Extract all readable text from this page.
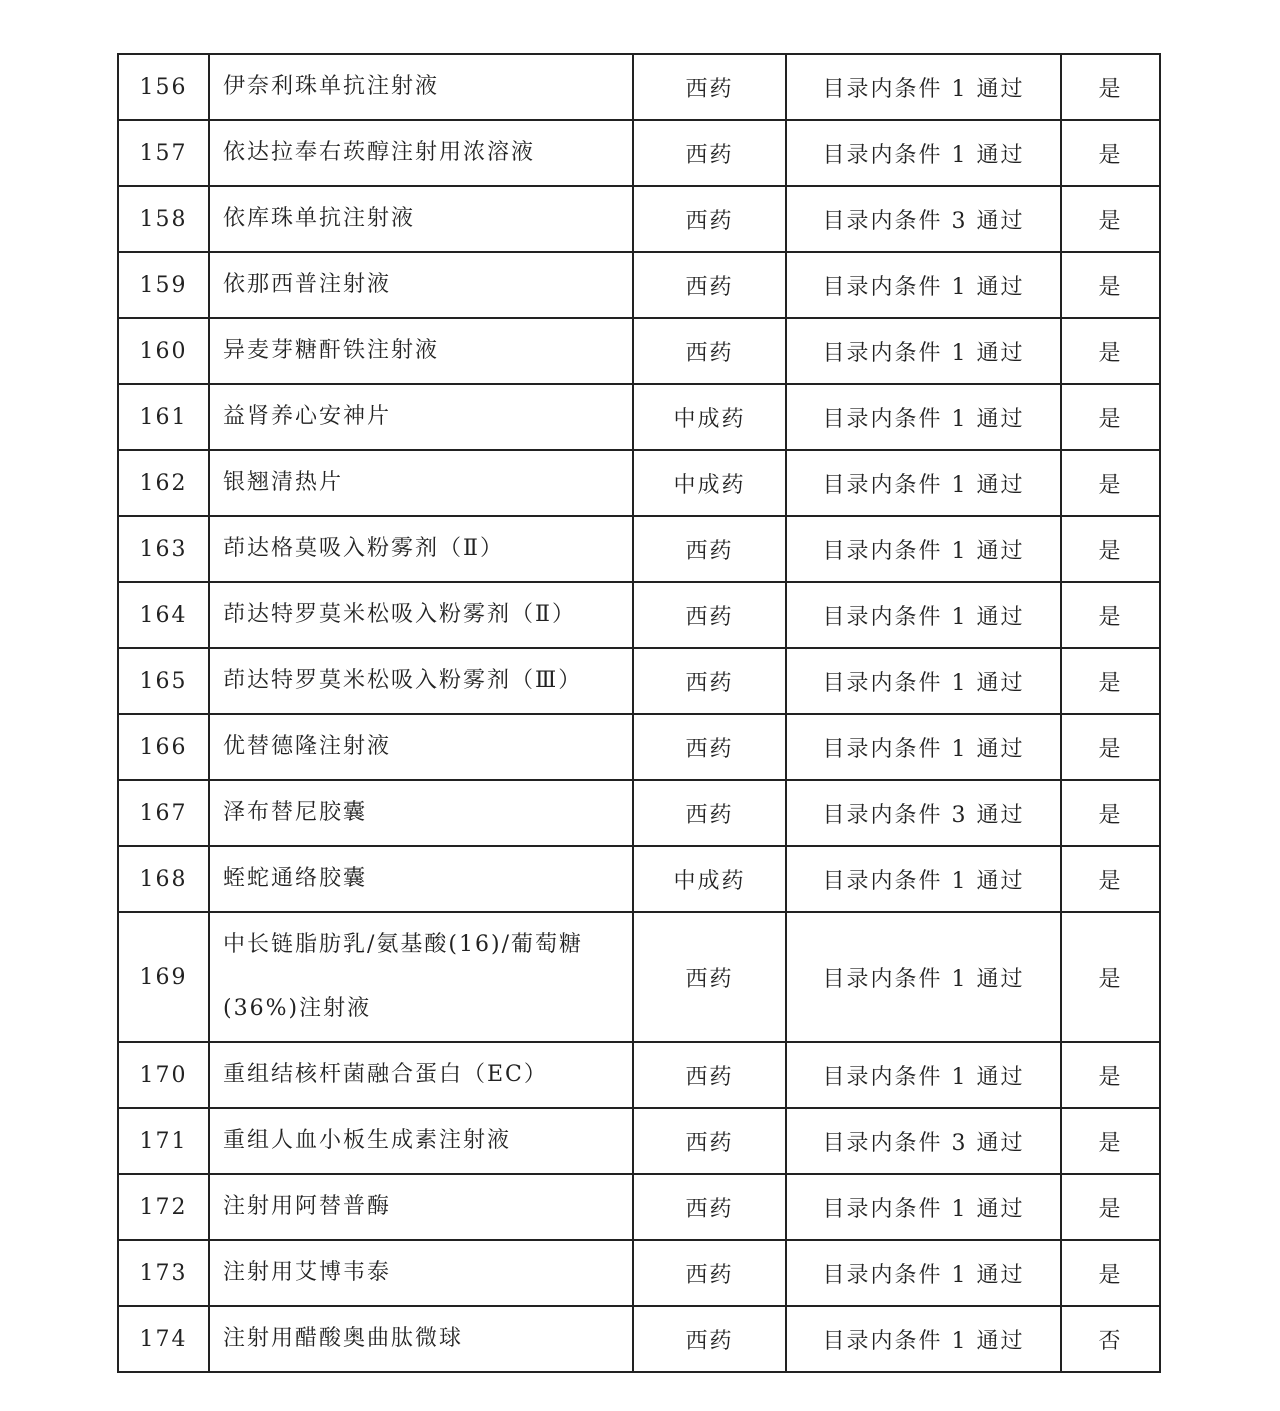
156	伊奈利珠单抗注射液	西药	目录内条件 1 通过	是
157	依达拉奉右莰醇注射用浓溶液	西药	目录内条件 1 通过	是
158	依库珠单抗注射液	西药	目录内条件 3 通过	是
159	依那西普注射液	西药	目录内条件 1 通过	是
160	异麦芽糖酐铁注射液	西药	目录内条件 1 通过	是
161	益肾养心安神片	中成药	目录内条件 1 通过	是
162	银翘清热片	中成药	目录内条件 1 通过	是
163	茚达格莫吸入粉雾剂（Ⅱ）	西药	目录内条件 1 通过	是
164	茚达特罗莫米松吸入粉雾剂（Ⅱ）	西药	目录内条件 1 通过	是
165	茚达特罗莫米松吸入粉雾剂（Ⅲ）	西药	目录内条件 1 通过	是
166	优替德隆注射液	西药	目录内条件 1 通过	是
167	泽布替尼胶囊	西药	目录内条件 3 通过	是
168	蛭蛇通络胶囊	中成药	目录内条件 1 通过	是
169	中长链脂肪乳/氨基酸(16)/葡萄糖
(36%)注射液	西药	目录内条件 1 通过	是
170	重组结核杆菌融合蛋白（EC）	西药	目录内条件 1 通过	是
171	重组人血小板生成素注射液	西药	目录内条件 3 通过	是
172	注射用阿替普酶	西药	目录内条件 1 通过	是
173	注射用艾博韦泰	西药	目录内条件 1 通过	是
174	注射用醋酸奥曲肽微球	西药	目录内条件 1 通过	否
